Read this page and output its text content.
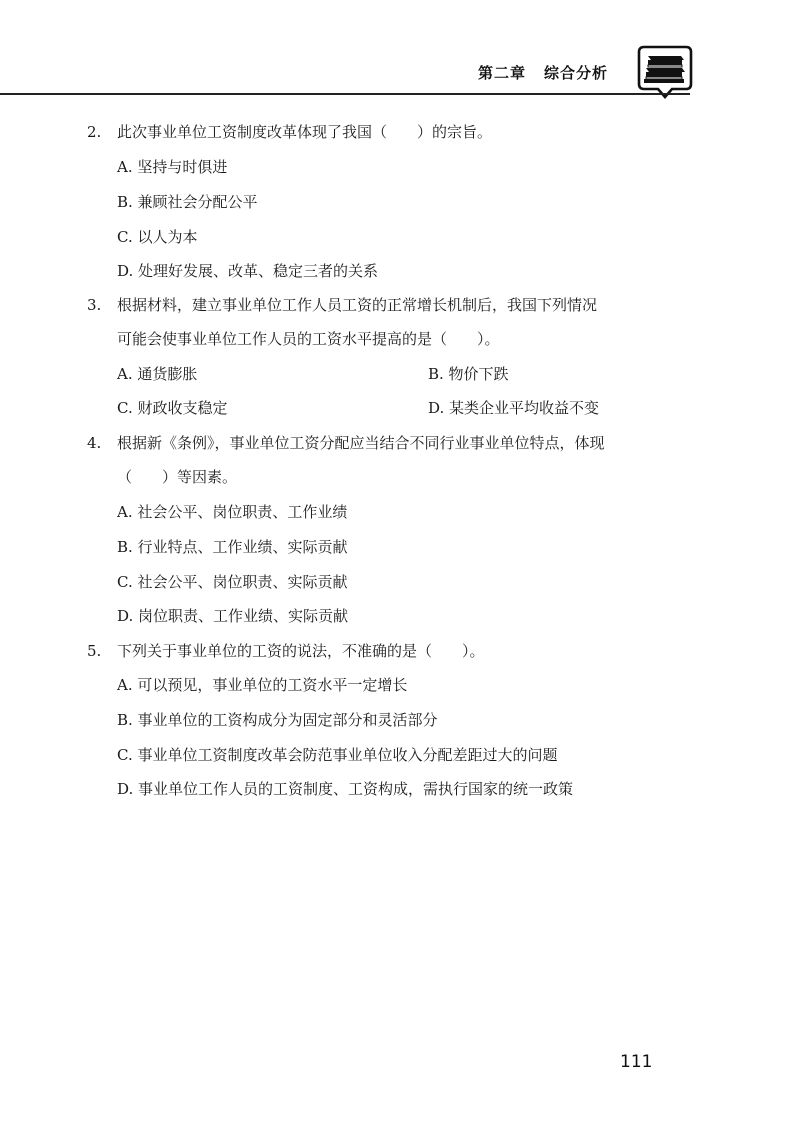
第二章 综合分析
2. 此次事业单位工资制度改革体现了我国（　　）的宗旨。
A. 坚持与时俱进
B. 兼顾社会分配公平
C. 以人为本
D. 处理好发展、改革、稳定三者的关系
3. 根据材料，建立事业单位工作人员工资的正常增长机制后，我国下列情况
可能会使事业单位工作人员的工资水平提高的是（　　）。
A. 通货膨胀	B. 物价下跌
C. 财政收支稳定	D. 某类企业平均收益不变
4. 根据新《条例》，事业单位工资分配应当结合不同行业事业单位特点，体现
（　　）等因素。
A. 社会公平、岗位职责、工作业绩
B. 行业特点、工作业绩、实际贡献
C. 社会公平、岗位职责、实际贡献
D. 岗位职责、工作业绩、实际贡献
5. 下列关于事业单位的工资的说法，不准确的是（　　）。
A. 可以预见，事业单位的工资水平一定增长
B. 事业单位的工资构成分为固定部分和灵活部分
C. 事业单位工资制度改革会防范事业单位收入分配差距过大的问题
D. 事业单位工作人员的工资制度、工资构成，需执行国家的统一政策
111
